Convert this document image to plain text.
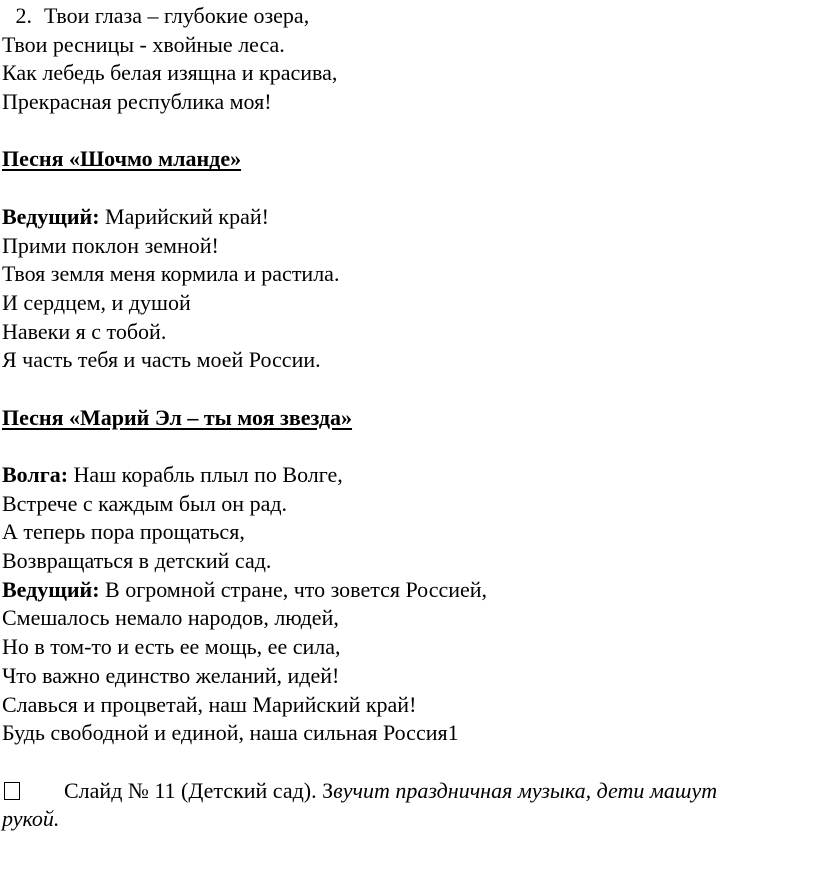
2. Твои глаза – глубокие озера,
Твои ресницы - хвойные леса.
Как лебедь белая изящна и красива,
Прекрасная республика моя!
Песня «Шочмо мланде»
Ведущий: Марийский край!
Прими поклон земной!
Твоя земля меня кормила и растила.
И сердцем, и душой
Навеки я с тобой.
Я часть тебя и часть моей России.
Песня «Марий Эл – ты моя звезда»
Волга: Наш корабль плыл по Волге,
Встрече с каждым был он рад.
А теперь пора прощаться,
Возвращаться в детский сад.
Ведущий: В огромной стране, что зовется Россией,
Смешалось немало народов, людей,
Но в том-то и есть ее мощь, ее сила,
Что важно единство желаний, идей!
Славься и процветай, наш Марийский край!
Будь свободной и единой, наша сильная Россия1
Слайд № 11 (Детский сад). Звучит праздничная музыка, дети машут
рукой.
